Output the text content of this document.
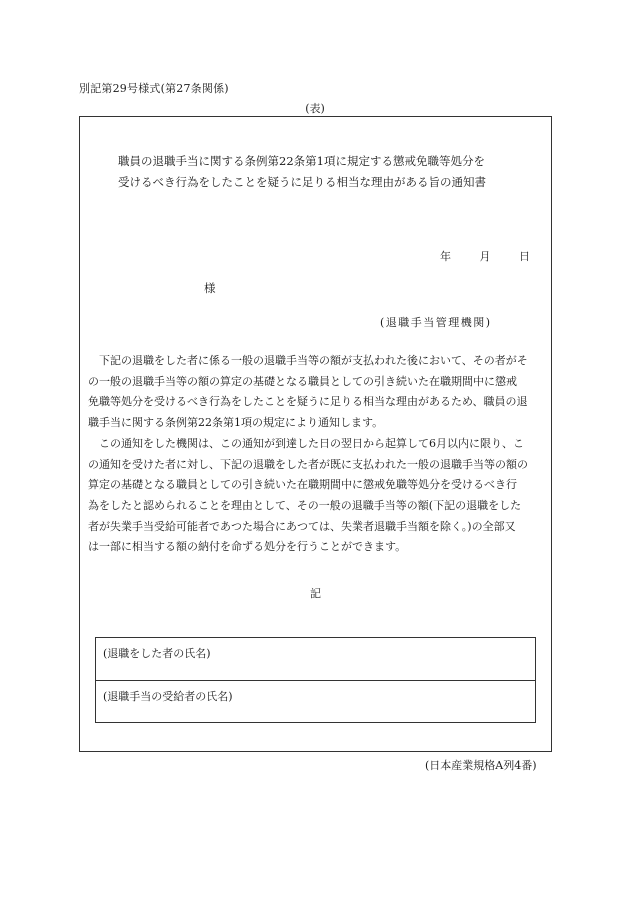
別記第29号様式(第27条関係)
(表)
職員の退職手当に関する条例第22条第1項に規定する懲戒免職等処分を
受けるべき行為をしたことを疑うに足りる相当な理由がある旨の通知書
年	月	日
様
(退職手当管理機関)
　下記の退職をした者に係る一般の退職手当等の額が支払われた後において、その者がそ
の一般の退職手当等の額の算定の基礎となる職員としての引き続いた在職期間中に懲戒
免職等処分を受けるべき行為をしたことを疑うに足りる相当な理由があるため、職員の退
職手当に関する条例第22条第1項の規定により通知します。
　この通知をした機関は、この通知が到達した日の翌日から起算して6月以内に限り、こ
の通知を受けた者に対し、下記の退職をした者が既に支払われた一般の退職手当等の額の
算定の基礎となる職員としての引き続いた在職期間中に懲戒免職等処分を受けるべき行
為をしたと認められることを理由として、その一般の退職手当等の額(下記の退職をした
者が失業手当受給可能者であつた場合にあつては、失業者退職手当額を除く。)の全部又
は一部に相当する額の納付を命ずる処分を行うことができます。
記
(退職をした者の氏名)
(退職手当の受給者の氏名)
(日本産業規格A列4番)
